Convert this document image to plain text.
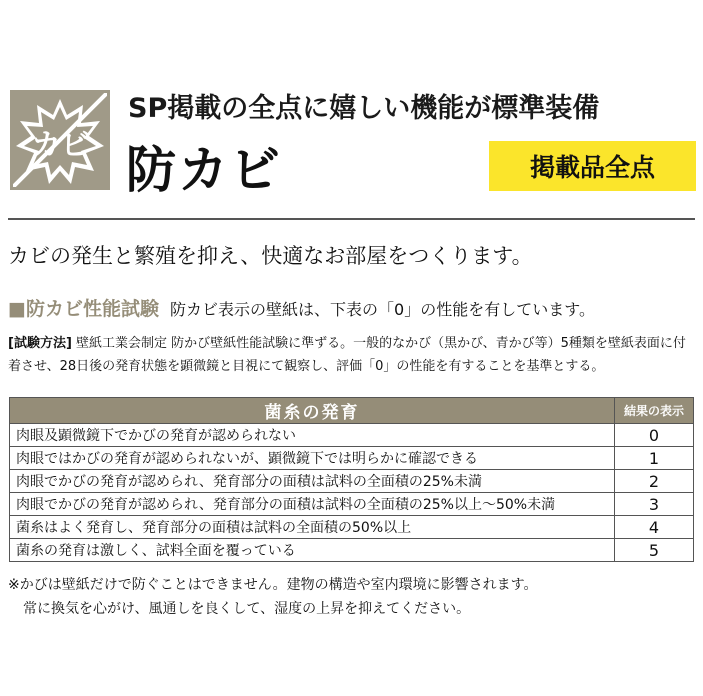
カビ
SP掲載の全点に嬉しい機能が標準装備
防カビ	掲載品全点
カビの発生と繁殖を抑え、快適なお部屋をつくります。
■防カビ性能試験 防カビ表示の壁紙は、下表の「0」の性能を有しています。
[試験方法] 壁紙工業会制定 防かび壁紙性能試験に準ずる。一般的なかび（黒かび、青かび等）5種類を壁紙表面に付着させ、28日後の発育状態を顕微鏡と目視にて観察し、評価「0」の性能を有することを基準とする。
菌糸の発育	結果の表示
肉眼及顕微鏡下でかびの発育が認められない	0
肉眼ではかびの発育が認められないが、顕微鏡下では明らかに確認できる	1
肉眼でかびの発育が認められ、発育部分の面積は試料の全面積の25%未満	2
肉眼でかびの発育が認められ、発育部分の面積は試料の全面積の25%以上～50%未満	3
菌糸はよく発育し、発育部分の面積は試料の全面積の50%以上	4
菌糸の発育は激しく、試料全面を覆っている	5
※かびは壁紙だけで防ぐことはできません。建物の構造や室内環境に影響されます。
常に換気を心がけ、風通しを良くして、湿度の上昇を抑えてください。
